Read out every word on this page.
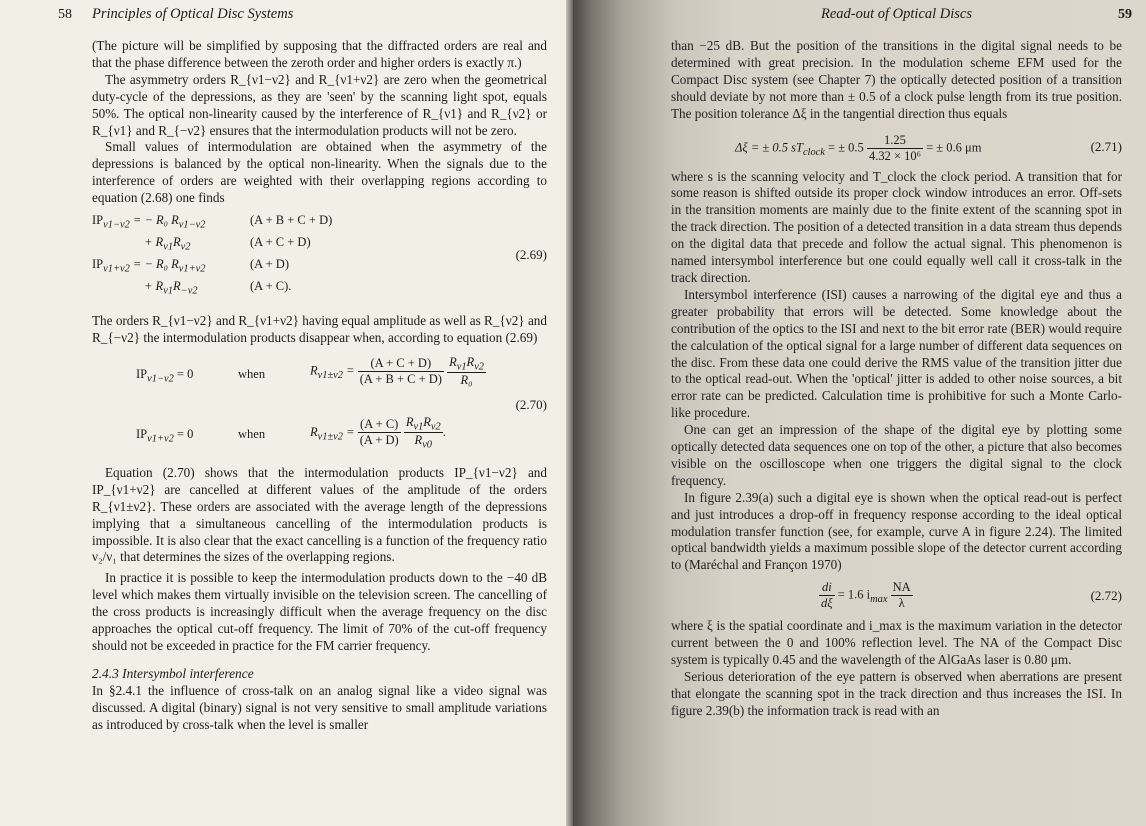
58 Principles of Optical Disc Systems

(The picture will be simplified by supposing that the diffracted orders are real and that the phase difference between the zeroth order and higher orders is exactly π.)

The asymmetry orders R_{ν1−ν2} and R_{ν1+ν2} are zero when the geometrical duty-cycle of the depressions, as they are 'seen' by the scanning light spot, equals 50%. The optical non-linearity caused by the interference of R_{ν1} and R_{ν2} or R_{ν1} and R_{−ν2} ensures that the intermodulation products will not be zero.

Small values of intermodulation are obtained when the asymmetry of the depressions is balanced by the optical non-linearity. When the signals due to the interference of orders are weighted with their overlapping regions according to equation (2.68) one finds

$IP_{\nu 1-\nu 2}$ = − R₀ $R_{\nu 1-\nu 2}$	(A + B + C + D)
+ $R_{\nu 1}R_{\nu 2}$	(A + C + D)
$IP_{\nu 1+\nu 2}$ = − R₀ $R_{\nu 1+\nu 2}$	(A + D)
+ $R_{\nu 1}R_{-\nu 2}$	(A + C).
(2.69)

The orders R_{ν1−ν2} and R_{ν1+ν2} having equal amplitude as well as R_{ν2} and R_{−ν2} the intermodulation products disappear when, according to equation (2.69)

$IP_{\nu 1-\nu 2} = 0$	when	$R_{\nu 1\pm\nu 2} = \frac{(A + C + D)}{(A + B + C + D)}$
$\frac{R_{\nu 1}R_{\nu 2}}{\text{R₀}}$
(2.70)
$IP_{\nu 1+\nu 2} = 0$	when	$R_{\nu 1\pm\nu 2} = \frac{(A + C)}{(A + D)}$
$\frac{R_{\nu 1}R_{\nu 2}}{R_{\nu 0}}$ .

Equation (2.70) shows that the intermodulation products IP_{ν1−ν2} and IP_{ν1+ν2} are cancelled at different values of the amplitude of the orders R_{ν1±ν2}. These orders are associated with the average length of the depressions implying that a simultaneous cancelling of the intermodulation products is impossible. It is also clear that the exact cancelling is a function of the frequency ratio ν₂/ν₁ that determines the sizes of the overlapping regions.

In practice it is possible to keep the intermodulation products down to the −40 dB level which makes them virtually invisible on the television screen. The cancelling of the cross products is increasingly difficult when the average frequency on the disc approaches the optical cut-off frequency. The limit of 70% of the cut-off frequency should not be exceeded in practice for the FM carrier frequency.

2.4.3 Intersymbol interference

In §2.4.1 the influence of cross-talk on an analog signal like a video signal was discussed. A digital (binary) signal is not very sensitive to small amplitude variations as introduced by cross-talk when the level is smaller

Read-out of Optical Discs	59

than −25 dB. But the position of the transitions in the digital signal needs to be determined with great precision. In the modulation scheme EFM used for the Compact Disc system (see Chapter 7) the optically detected position of a transition should deviate by not more than ± 0.5 of a clock pulse length from its true position. The position tolerance Δξ in the tangential direction thus equals

Δξ = ± 0.5 $sT_{clock}$ = ± $0.5 \frac{1.25}{\text{4.32 × 10⁶}}$ = ± 0.6 μm	(2.71)

where s is the scanning velocity and T_clock the clock period. A transition that for some reason is shifted outside its proper clock window introduces an error. Off-sets in the transition moments are mainly due to the finite extent of the scanning spot in the track direction. The position of a detected transition in a data stream thus depends on the digital data that precede and follow the actual signal. This phenomenon is named intersymbol interference but one could equally well call it cross-talk in the track direction.

Intersymbol interference (ISI) causes a narrowing of the digital eye and thus a greater probability that errors will be detected. Some knowledge about the contribution of the optics to the ISI and next to the bit error rate (BER) would require the calculation of the optical signal for a large number of different data sequences on the disc. From these data one could derive the RMS value of the transition jitter due to the optical read-out. When the 'optical' jitter is added to other noise sources, a bit error rate can be predicted. Calculation time is prohibitive for such a Monte Carlo-like procedure.

One can get an impression of the shape of the digital eye by plotting some optically detected data sequences one on top of the other, a picture that also becomes visible on the oscilloscope when one triggers the digital signal to the clock frequency.

In figure 2.39(a) such a digital eye is shown when the optical read-out is perfect and just introduces a drop-off in frequency response according to the ideal optical modulation transfer function (see, for example, curve A in figure 2.24). The limited optical bandwidth yields a maximum possible slope of the detector current according to (Maréchal and Françon 1970)

$\frac{di}{d\xi} = 1.6$ $i_{max} \frac{NA}{\lambda}$	(2.72)

where ξ is the spatial coordinate and i_max is the maximum variation in the detector current between the 0 and 100% reflection level. The NA of the Compact Disc system is typically 0.45 and the wavelength of the AlGaAs laser is 0.80 μm.

Serious deterioration of the eye pattern is observed when aberrations are present that elongate the scanning spot in the track direction and thus increases the ISI. In figure 2.39(b) the information track is read with an
